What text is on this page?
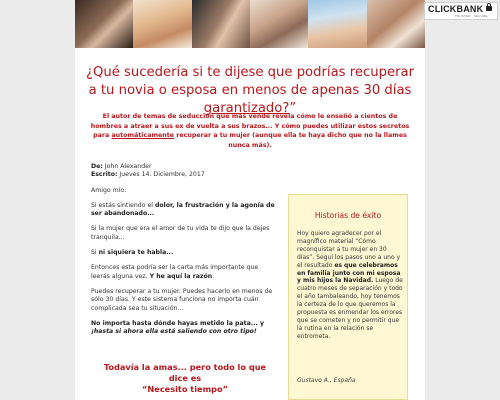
CLICKBANK
TRUSTED · SECURE
¿Qué sucedería si te dijese que podrías recuperar a tu novia o esposa en menos de apenas 30 días garantizado?”
El autor de temas de seducción que más vende revela cómo le enseñó a cientos de hombres a atraer a sus ex de vuelta a sus brazos... Y cómo puedes utilizar estos secretos para automáticamente recuperar a tu mujer (aunque ella te haya dicho que no la llames nunca más).

De: John Alexander

Escrito: Jueves 14. Diciembre, 2017

Amigo mío:

Si estás sintiendo el dolor, la frustración y la agonía de ser abandonado...

Si la mujer que era el amor de tu vida te dijo que la dejes tranquila...

Si ni siquiera te habla...

Entonces esta podría ser la carta más importante que leerás alguna vez. Y he aquí la razón.

Puedes recuperar a tu mujer. Puedes hacerlo en menos de sólo 30 días. Y este sistema funciona no importa cuán complicada sea tu situación...

No importa hasta dónde hayas metido la pata... y ¡hasta si ahora ella está saliendo con otro tipo!

Todavía la amas... pero todo lo que dice es
“Necesito tiempo”
Historias de éxito
Hoy quiero agradecer por el magnífico material “Cómo reconquistar a tu mujer en 30 días”. Seguí los pasos uno a uno y el resultado es que celebramos en familia junto con mi esposa y mis hijos la Navidad. Luego de cuatro meses de separación y todo el año tambaleando, hoy tenemos la certeza de lo que queremos la propuesta es enmendar los errores que se cometen y no permitir que la rutina en la relación se entrometa.
Gustavo A., España
